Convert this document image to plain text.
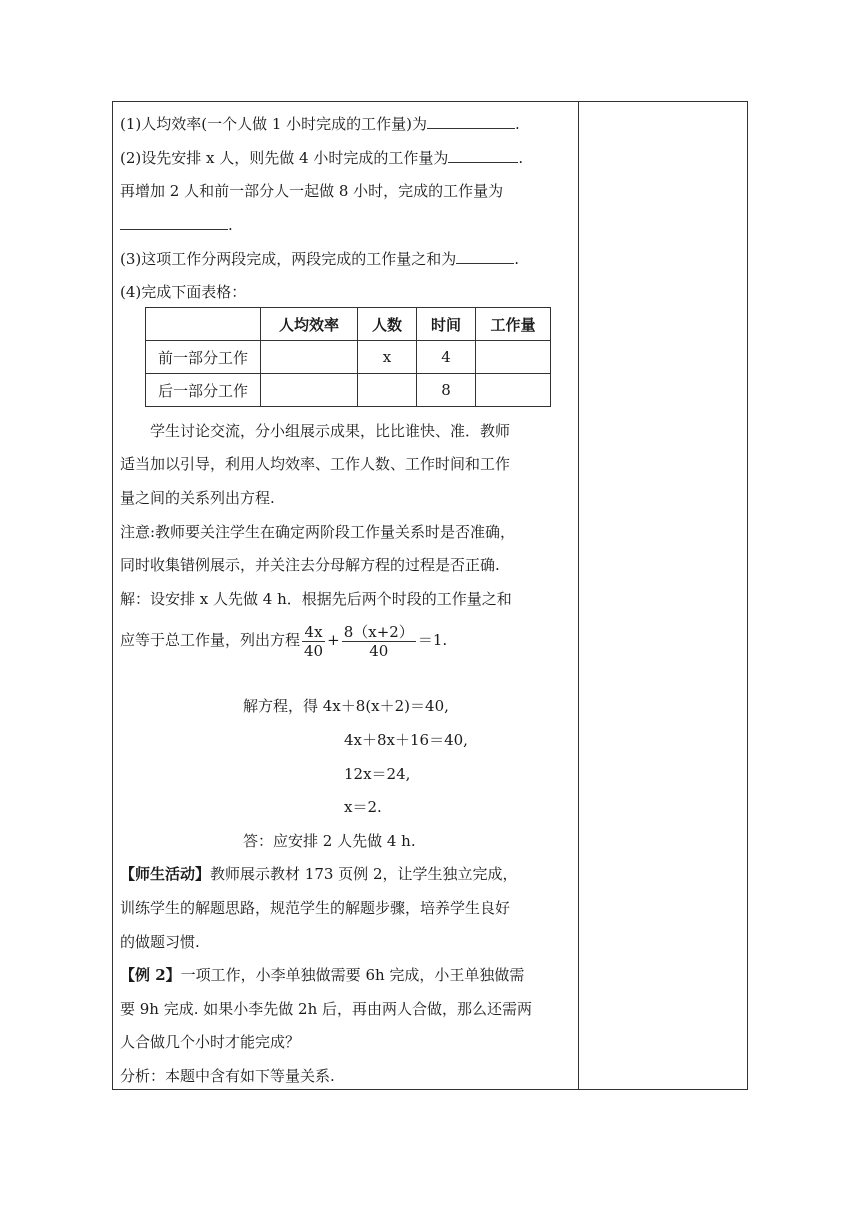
(1)人均效率(一个人做 1 小时完成的工作量)为	.
(2)设先安排 x 人，则先做 4 小时完成的工作量为	.
再增加 2 人和前一部分人一起做 8 小时，完成的工作量为
.
(3)这项工作分两段完成，两段完成的工作量之和为	.
(4)完成下面表格：
	人均效率	人数	时间	工作量
前一部分工作		x	4	
后一部分工作			8	
学生讨论交流，分小组展示成果，比比谁快、准．教师
适当加以引导，利用人均效率、工作人数、工作时间和工作
量之间的关系列出方程.
注意:教师要关注学生在确定两阶段工作量关系时是否准确，
同时收集错例展示，并关注去分母解方程的过程是否正确.
解：设安排 x 人先做 4 h．根据先后两个时段的工作量之和
应等于总工作量，列出方程 $\frac{4x}{40} + \frac{8(x+2)}{40} =1$.
解方程，得 4x＋8(x＋2)＝40,
4x＋8x＋16＝40,
12x＝24,
x＝2.
答：应安排 2 人先做 4 h.
【师生活动】教师展示教材 173 页例 2，让学生独立完成，
训练学生的解题思路，规范学生的解题步骤，培养学生良好
的做题习惯.
【例 2】一项工作，小李单独做需要 6h 完成，小王单独做需
要 9h 完成. 如果小李先做 2h 后，再由两人合做，那么还需两
人合做几个小时才能完成？
分析：本题中含有如下等量关系.
